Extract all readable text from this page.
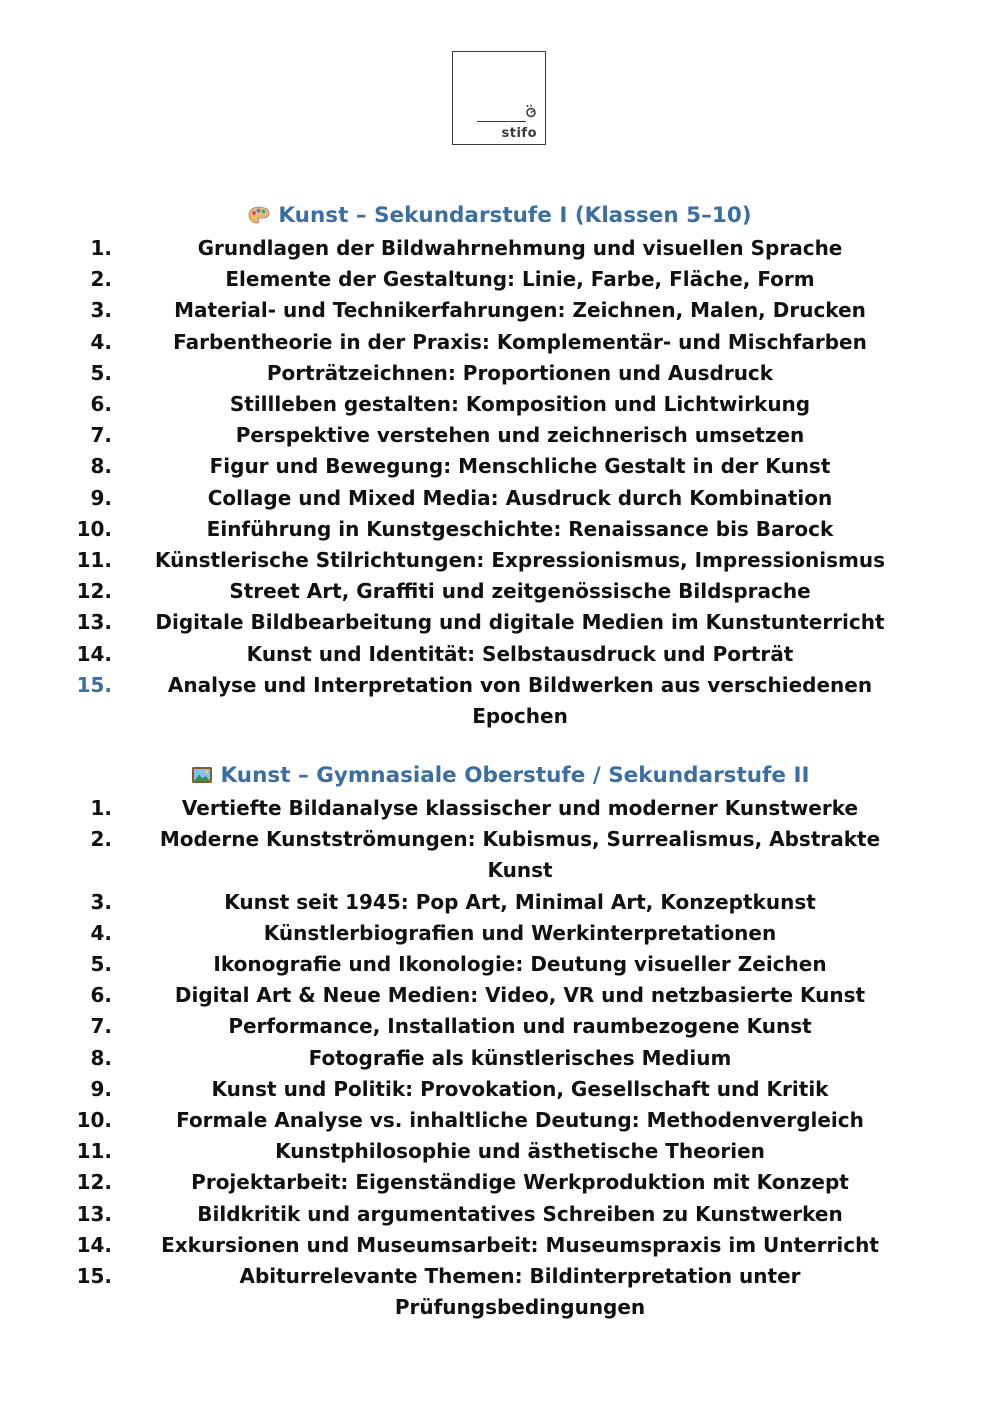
stifo
Kunst – Sekundarstufe I (Klassen 5–10)
1.	Grundlagen der Bildwahrnehmung und visuellen Sprache
2.	Elemente der Gestaltung: Linie, Farbe, Fläche, Form
3.	Material- und Technikerfahrungen: Zeichnen, Malen, Drucken
4.	Farbentheorie in der Praxis: Komplementär- und Mischfarben
5.	Porträtzeichnen: Proportionen und Ausdruck
6.	Stillleben gestalten: Komposition und Lichtwirkung
7.	Perspektive verstehen und zeichnerisch umsetzen
8.	Figur und Bewegung: Menschliche Gestalt in der Kunst
9.	Collage und Mixed Media: Ausdruck durch Kombination
10.	Einführung in Kunstgeschichte: Renaissance bis Barock
11.	Künstlerische Stilrichtungen: Expressionismus, Impressionismus
12.	Street Art, Graffiti und zeitgenössische Bildsprache
13.	Digitale Bildbearbeitung und digitale Medien im Kunstunterricht
14.	Kunst und Identität: Selbstausdruck und Porträt
15.	Analyse und Interpretation von Bildwerken aus verschiedenen
Epochen
Kunst – Gymnasiale Oberstufe / Sekundarstufe II
1.	Vertiefte Bildanalyse klassischer und moderner Kunstwerke
2.	Moderne Kunstströmungen: Kubismus, Surrealismus, Abstrakte
Kunst
3.	Kunst seit 1945: Pop Art, Minimal Art, Konzeptkunst
4.	Künstlerbiografien und Werkinterpretationen
5.	Ikonografie und Ikonologie: Deutung visueller Zeichen
6.	Digital Art & Neue Medien: Video, VR und netzbasierte Kunst
7.	Performance, Installation und raumbezogene Kunst
8.	Fotografie als künstlerisches Medium
9.	Kunst und Politik: Provokation, Gesellschaft und Kritik
10.	Formale Analyse vs. inhaltliche Deutung: Methodenvergleich
11.	Kunstphilosophie und ästhetische Theorien
12.	Projektarbeit: Eigenständige Werkproduktion mit Konzept
13.	Bildkritik und argumentatives Schreiben zu Kunstwerken
14.	Exkursionen und Museumsarbeit: Museumspraxis im Unterricht
15.	Abiturrelevante Themen: Bildinterpretation unter
Prüfungsbedingungen
